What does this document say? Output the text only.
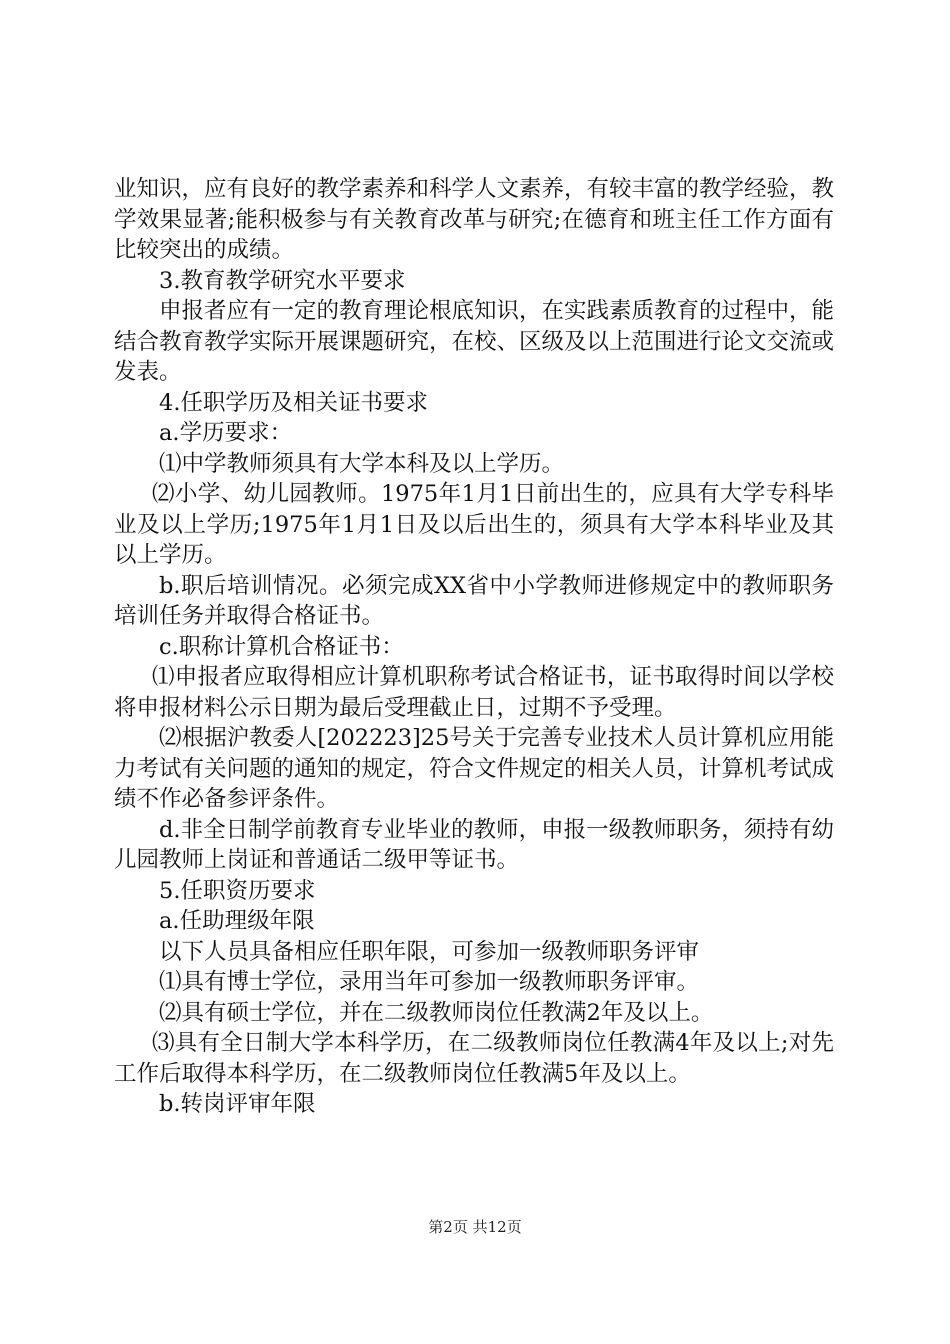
业知识，应有良好的教学素养和科学人文素养，有较丰富的教学经验，教学效果显著;能积极参与有关教育改革与研究;在德育和班主任工作方面有比较突出的成绩。

3.教育教学研究水平要求

申报者应有一定的教育理论根底知识，在实践素质教育的过程中，能结合教育教学实际开展课题研究，在校、区级及以上范围进行论文交流或发表。

4.任职学历及相关证书要求

a.学历要求：

⑴中学教师须具有大学本科及以上学历。

⑵小学、幼儿园教师。1975年1月1日前出生的，应具有大学专科毕业及以上学历;1975年1月1日及以后出生的，须具有大学本科毕业及其以上学历。

b.职后培训情况。必须完成XX省中小学教师进修规定中的教师职务培训任务并取得合格证书。

c.职称计算机合格证书：

⑴申报者应取得相应计算机职称考试合格证书，证书取得时间以学校将申报材料公示日期为最后受理截止日，过期不予受理。

⑵根据沪教委人[202223]25号关于完善专业技术人员计算机应用能力考试有关问题的通知的规定，符合文件规定的相关人员，计算机考试成绩不作必备参评条件。

d.非全日制学前教育专业毕业的教师，申报一级教师职务，须持有幼儿园教师上岗证和普通话二级甲等证书。

5.任职资历要求

a.任助理级年限

以下人员具备相应任职年限，可参加一级教师职务评审

⑴具有博士学位，录用当年可参加一级教师职务评审。

⑵具有硕士学位，并在二级教师岗位任教满2年及以上。

⑶具有全日制大学本科学历，在二级教师岗位任教满4年及以上;对先工作后取得本科学历，在二级教师岗位任教满5年及以上。

b.转岗评审年限

第2页 共12页
